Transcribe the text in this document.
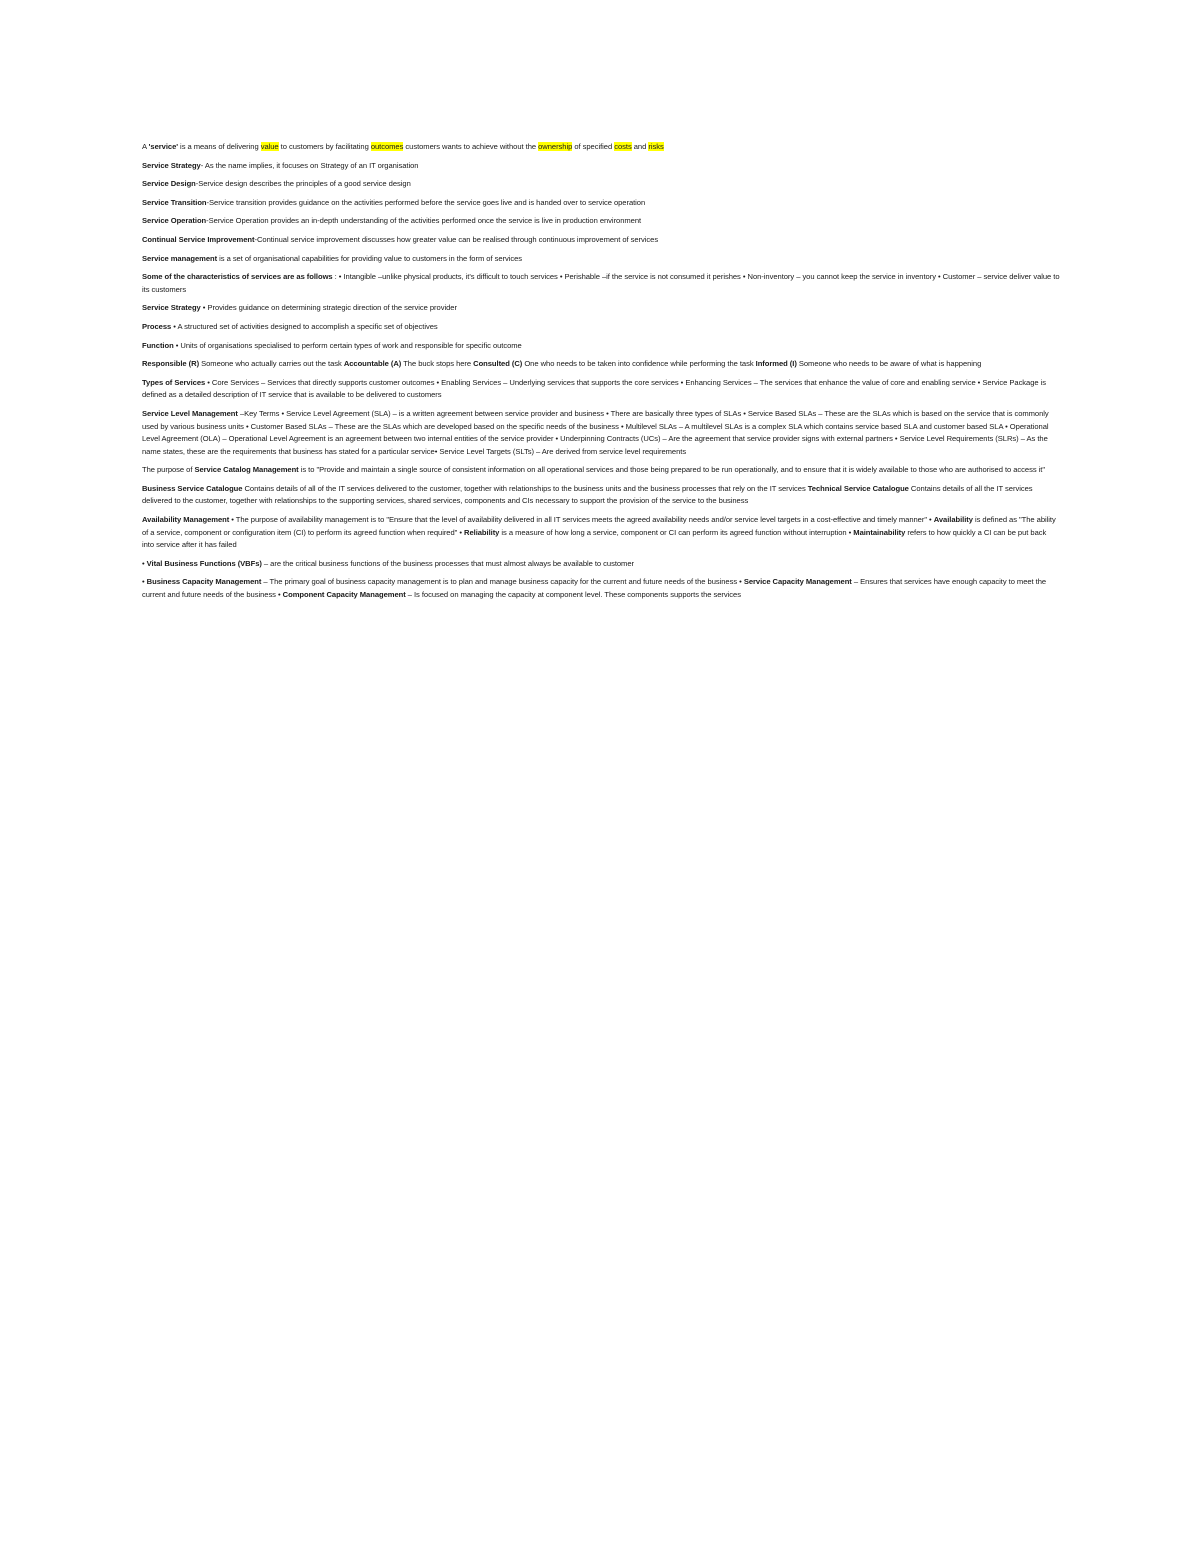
A 'service' is a means of delivering value to customers by facilitating outcomes customers wants to achieve without the ownership of specified costs and risks

Service Strategy- As the name implies, it focuses on Strategy of an IT organisation

Service Design-Service design describes the principles of a good service design

Service Transition-Service transition provides guidance on the activities performed before the service goes live and is handed over to service operation

Service Operation-Service Operation provides an in-depth understanding of the activities performed once the service is live in production environment

Continual Service Improvement-Continual service improvement discusses how greater value can be realised through continuous improvement of services

Service management is a set of organisational capabilities for providing value to customers in the form of services

Some of the characteristics of services are as follows : • Intangible –unlike physical products, it's difficult to touch services • Perishable –if the service is not consumed it perishes • Non-inventory – you cannot keep the service in inventory • Customer – service deliver value to its customers

Service Strategy • Provides guidance on determining strategic direction of the service provider

Process • A structured set of activities designed to accomplish a specific set of objectives

Function • Units of organisations specialised to perform certain types of work and responsible for specific outcome

Responsible (R) Someone who actually carries out the task Accountable (A) The buck stops here Consulted (C) One who needs to be taken into confidence while performing the task Informed (I) Someone who needs to be aware of what is happening

Types of Services • Core Services – Services that directly supports customer outcomes • Enabling Services – Underlying services that supports the core services • Enhancing Services – The services that enhance the value of core and enabling service • Service Package is defined as a detailed description of IT service that is available to be delivered to customers

Service Level Management –Key Terms • Service Level Agreement (SLA) – is a written agreement between service provider and business • There are basically three types of SLAs • Service Based SLAs – These are the SLAs which is based on the service that is commonly used by various business units • Customer Based SLAs – These are the SLAs which are developed based on the specific needs of the business • Multilevel SLAs – A multilevel SLAs is a complex SLA which contains service based SLA and customer based SLA • Operational Level Agreement (OLA) – Operational Level Agreement is an agreement between two internal entities of the service provider • Underpinning Contracts (UCs) – Are the agreement that service provider signs with external partners • Service Level Requirements (SLRs) – As the name states, these are the requirements that business has stated for a particular service• Service Level Targets (SLTs) – Are derived from service level requirements

The purpose of Service Catalog Management is to "Provide and maintain a single source of consistent information on all operational services and those being prepared to be run operationally, and to ensure that it is widely available to those who are authorised to access it"

Business Service Catalogue Contains details of all of the IT services delivered to the customer, together with relationships to the business units and the business processes that rely on the IT services Technical Service Catalogue Contains details of all the IT services delivered to the customer, together with relationships to the supporting services, shared services, components and CIs necessary to support the provision of the service to the business

Availability Management • The purpose of availability management is to "Ensure that the level of availability delivered in all IT services meets the agreed availability needs and/or service level targets in a cost-effective and timely manner" • Availability is defined as "The ability of a service, component or configuration item (CI) to perform its agreed function when required" • Reliability is a measure of how long a service, component or CI can perform its agreed function without interruption • Maintainability refers to how quickly a CI can be put back into service after it has failed

• Vital Business Functions (VBFs) – are the critical business functions of the business processes that must almost always be available to customer

• Business Capacity Management – The primary goal of business capacity management is to plan and manage business capacity for the current and future needs of the business • Service Capacity Management – Ensures that services have enough capacity to meet the current and future needs of the business • Component Capacity Management – Is focused on managing the capacity at component level. These components supports the services
